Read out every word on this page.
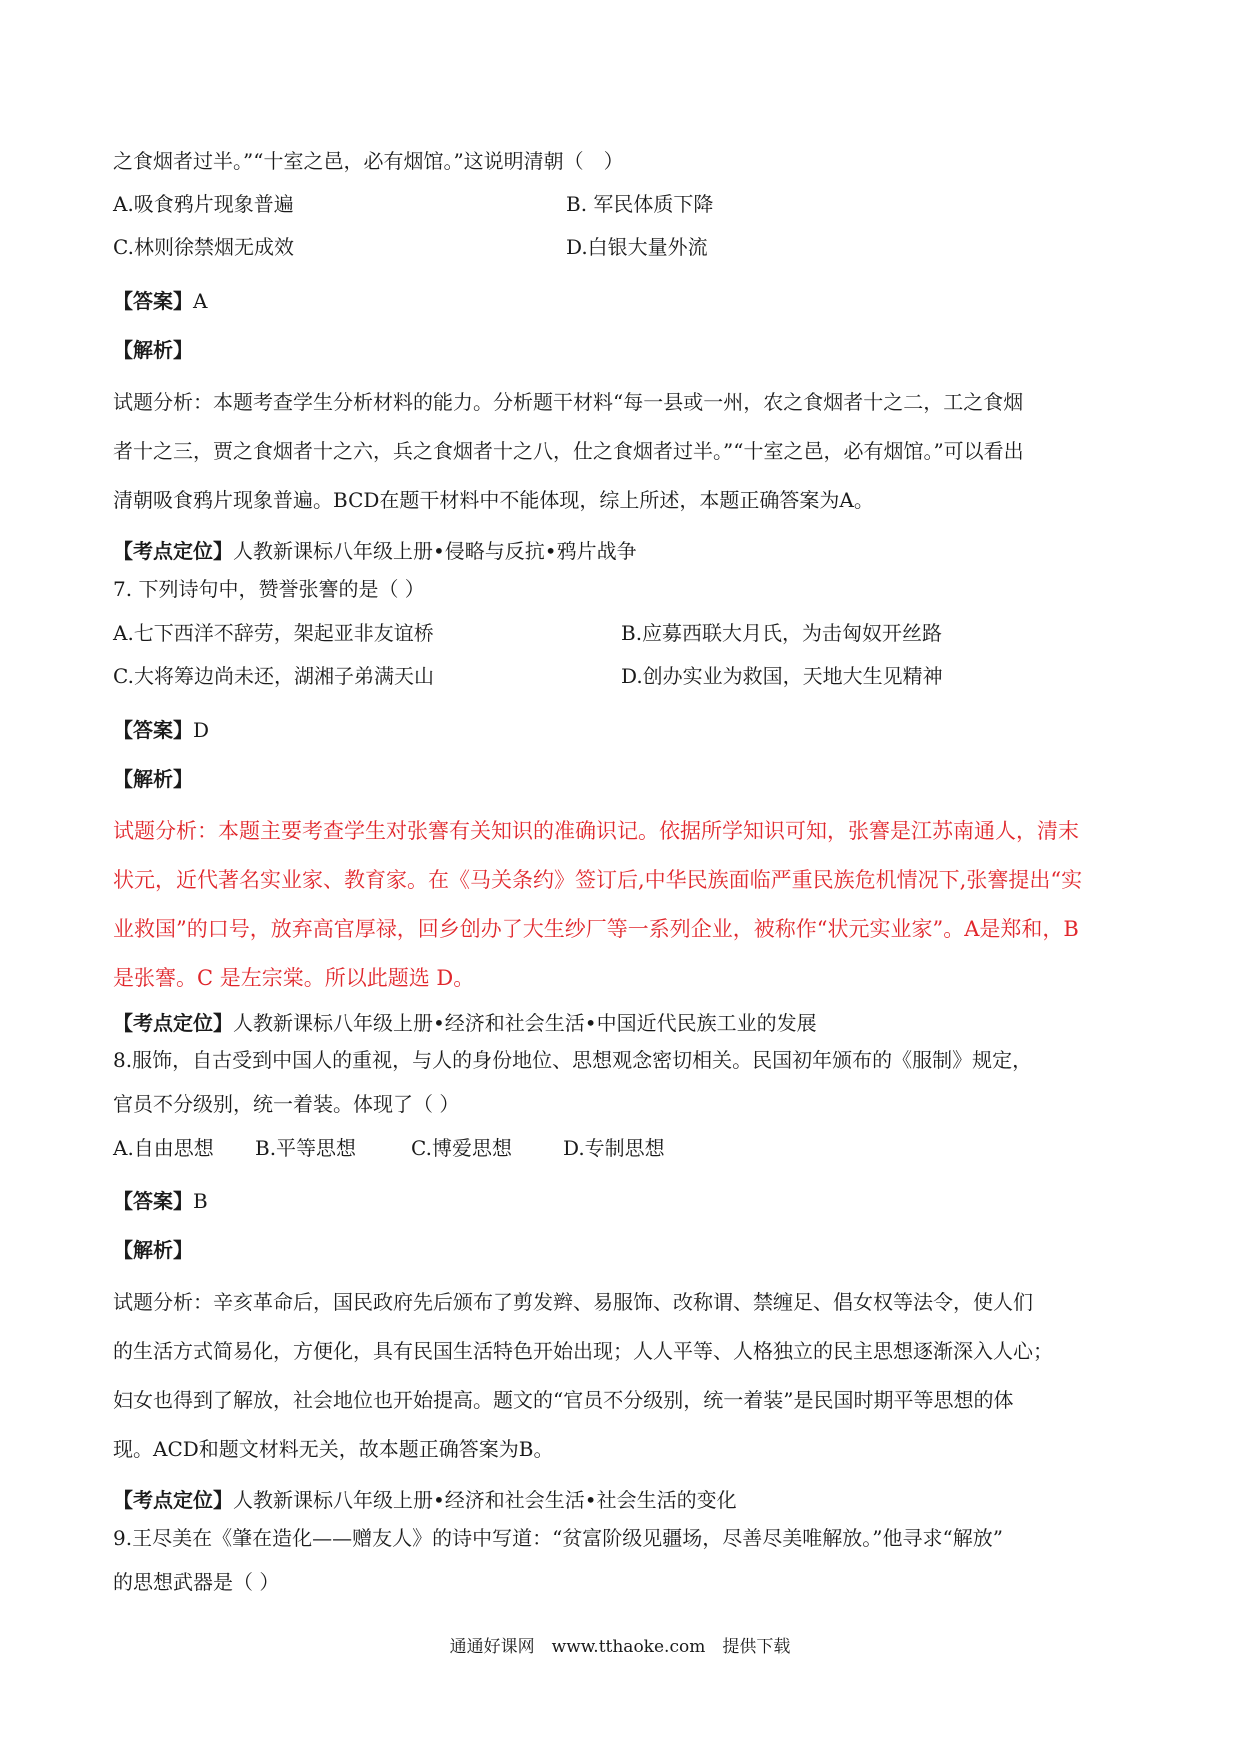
之食烟者过半。”“十室之邑，必有烟馆。”这说明清朝（　）
A.吸食鸦片现象普遍	B. 军民体质下降
C.林则徐禁烟无成效	D.白银大量外流
【答案】A
【解析】
试题分析：本题考查学生分析材料的能力。分析题干材料“每一县或一州，农之食烟者十之二，工之食烟
者十之三，贾之食烟者十之六，兵之食烟者十之八，仕之食烟者过半。”“十室之邑，必有烟馆。”可以看出
清朝吸食鸦片现象普遍。BCD在题干材料中不能体现，综上所述，本题正确答案为A。
【考点定位】人教新课标八年级上册•侵略与反抗•鸦片战争
7. 下列诗句中，赞誉张謇的是（ ）
A.七下西洋不辞劳，架起亚非友谊桥	B.应募西联大月氏，为击匈奴开丝路
C.大将筹边尚未还，湖湘子弟满天山	D.创办实业为救国，天地大生见精神
【答案】D
【解析】
试题分析：本题主要考查学生对张謇有关知识的准确识记。依据所学知识可知，张謇是江苏南通人，清末
状元，近代著名实业家、教育家。在《马关条约》签订后,中华民族面临严重民族危机情况下,张謇提出“实
业救国”的口号，放弃高官厚禄，回乡创办了大生纱厂等一系列企业，被称作“状元实业家”。A是郑和，B
是张謇。C 是左宗棠。所以此题选 D。
【考点定位】人教新课标八年级上册•经济和社会生活•中国近代民族工业的发展
8.服饰，自古受到中国人的重视，与人的身份地位、思想观念密切相关。民国初年颁布的《服制》规定，
官员不分级别，统一着装。体现了（ ）
A.自由思想 B.平等思想	C.博爱思想	D.专制思想
【答案】B
【解析】
试题分析：辛亥革命后，国民政府先后颁布了剪发辫、易服饰、改称谓、禁缠足、倡女权等法令，使人们
的生活方式简易化，方便化，具有民国生活特色开始出现；人人平等、人格独立的民主思想逐渐深入人心；
妇女也得到了解放，社会地位也开始提高。题文的“官员不分级别，统一着装”是民国时期平等思想的体
现。ACD和题文材料无关，故本题正确答案为B。
【考点定位】人教新课标八年级上册•经济和社会生活•社会生活的变化
9.王尽美在《肇在造化——赠友人》的诗中写道：“贫富阶级见疆场，尽善尽美唯解放。”他寻求“解放”
的思想武器是（ ）
通通好课网　www.tthaoke.com　提供下载
